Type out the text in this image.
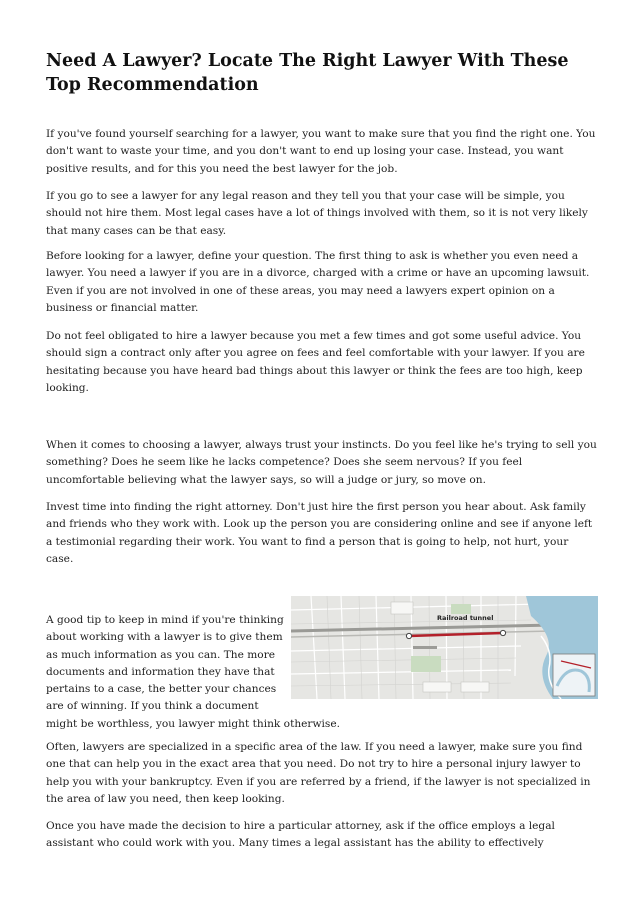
Need A Lawyer? Locate The Right Lawyer With These Top Recommendation

If you've found yourself searching for a lawyer, you want to make sure that you find the right one. You don't want to waste your time, and you don't want to end up losing your case. Instead, you want positive results, and for this you need the best lawyer for the job.

If you go to see a lawyer for any legal reason and they tell you that your case will be simple, you should not hire them. Most legal cases have a lot of things involved with them, so it is not very likely that many cases can be that easy.

Before looking for a lawyer, define your question. The first thing to ask is whether you even need a lawyer. You need a lawyer if you are in a divorce, charged with a crime or have an upcoming lawsuit. Even if you are not involved in one of these areas, you may need a lawyers expert opinion on a business or financial matter.

Do not feel obligated to hire a lawyer because you met a few times and got some useful advice. You should sign a contract only after you agree on fees and feel comfortable with your lawyer. If you are hesitating because you have heard bad things about this lawyer or think the fees are too high, keep looking.

When it comes to choosing a lawyer, always trust your instincts. Do you feel like he's trying to sell you something? Does he seem like he lacks competence? Does she seem nervous? If you feel uncomfortable believing what the lawyer says, so will a judge or jury, so move on.

Invest time into finding the right attorney. Don't just hire the first person you hear about. Ask family and friends who they work with. Look up the person you are considering online and see if anyone left a testimonial regarding their work. You want to find a person that is going to help, not hurt, your case.

Railroad tunnel
A good tip to keep in mind if you're thinking about working with a lawyer is to give them as much information as you can. The more documents and information they have that pertains to a case, the better your chances are of winning. If you think a document might be worthless, you lawyer might think otherwise.

Often, lawyers are specialized in a specific area of the law. If you need a lawyer, make sure you find one that can help you in the exact area that you need. Do not try to hire a personal injury lawyer to help you with your bankruptcy. Even if you are referred by a friend, if the lawyer is not specialized in the area of law you need, then keep looking.

Once you have made the decision to hire a particular attorney, ask if the office employs a legal assistant who could work with you. Many times a legal assistant has the ability to effectively
